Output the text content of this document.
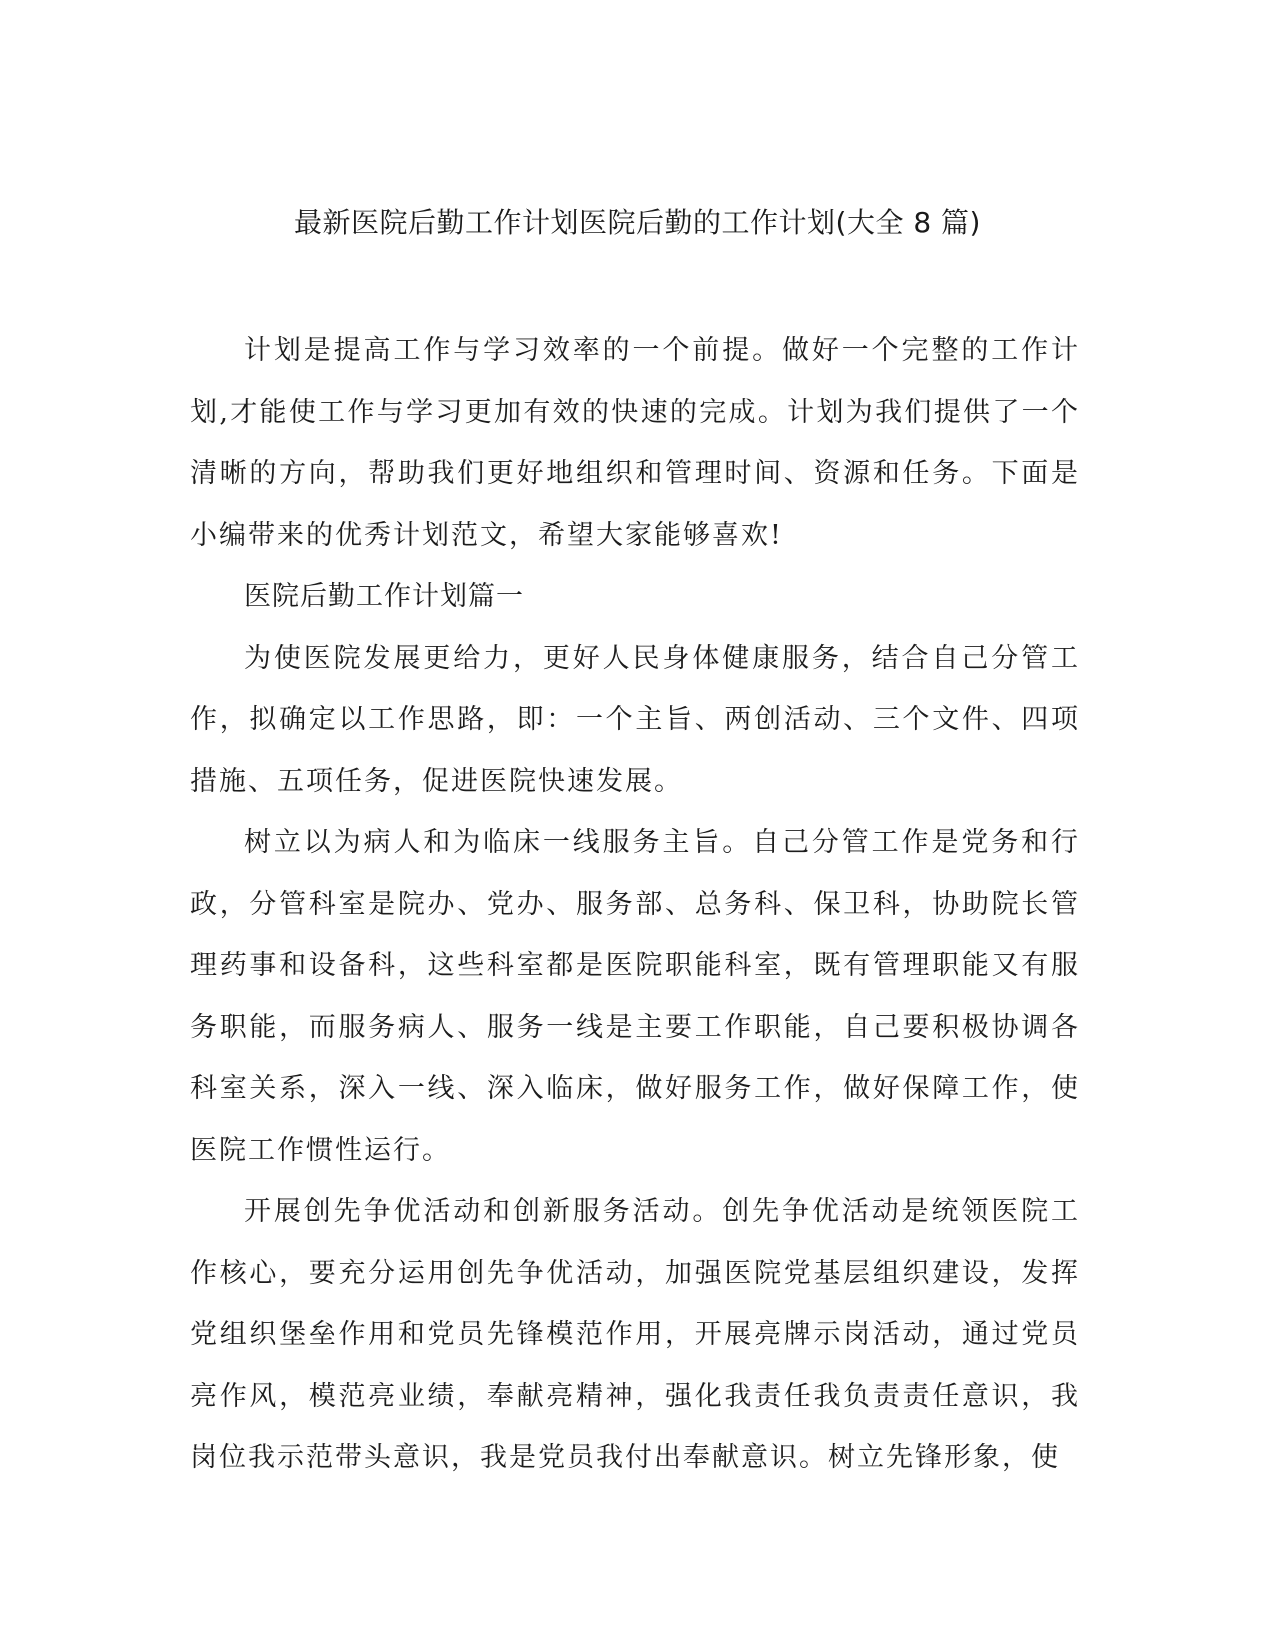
最新医院后勤工作计划医院后勤的工作计划(大全 8 篇)

计划是提高工作与学习效率的一个前提。做好一个完整的工作计划,才能使工作与学习更加有效的快速的完成。计划为我们提供了一个清晰的方向，帮助我们更好地组织和管理时间、资源和任务。下面是小编带来的优秀计划范文，希望大家能够喜欢!

医院后勤工作计划篇一

为使医院发展更给力，更好人民身体健康服务，结合自己分管工作，拟确定以工作思路，即：一个主旨、两创活动、三个文件、四项措施、五项任务，促进医院快速发展。

树立以为病人和为临床一线服务主旨。自己分管工作是党务和行政，分管科室是院办、党办、服务部、总务科、保卫科，协助院长管理药事和设备科，这些科室都是医院职能科室，既有管理职能又有服务职能，而服务病人、服务一线是主要工作职能，自己要积极协调各科室关系，深入一线、深入临床，做好服务工作，做好保障工作，使医院工作惯性运行。

开展创先争优活动和创新服务活动。创先争优活动是统领医院工作核心，要充分运用创先争优活动，加强医院党基层组织建设，发挥党组织堡垒作用和党员先锋模范作用，开展亮牌示岗活动，通过党员亮作风，模范亮业绩，奉献亮精神，强化我责任我负责责任意识，我岗位我示范带头意识，我是党员我付出奉献意识。树立先锋形象，使
